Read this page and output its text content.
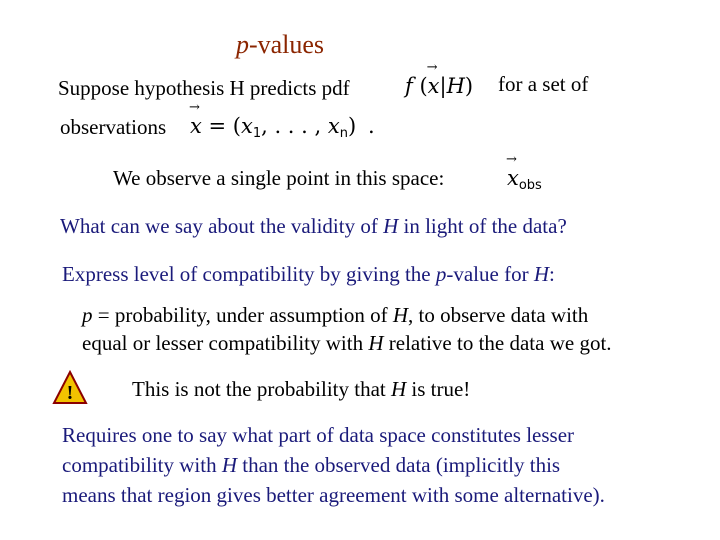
p-values
Suppose hypothesis H predicts pdf	f (→ x|H) for a set of
observations → $x = (x_1$, . . . , $x_n$) .
We observe a single point in this space:	→ $x_{obs}$
What can we say about the validity of H in light of the data?
Express level of compatibility by giving the p-value for H:
p = probability, under assumption of H, to observe data with
equal or lesser compatibility with H relative to the data we got.
!	This is not the probability that H is true!
Requires one to say what part of data space constitutes lesser
compatibility with H than the observed data (implicitly this
means that region gives better agreement with some alternative).
